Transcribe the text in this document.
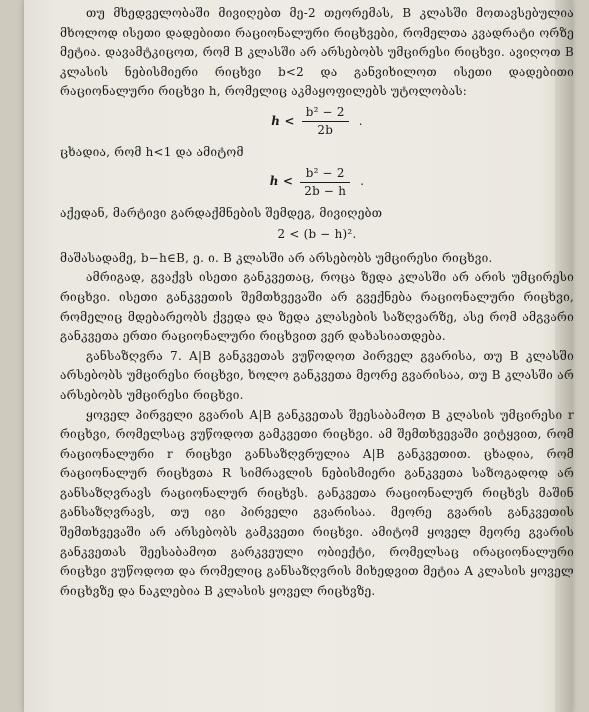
თუ მხედველობაში მივიღებთ მე-2 თეორემას, B კლასში მოთავსებულია მხოლოდ ისეთი დადებითი რაციონალური რიცხვები, რომელთა კვადრატი ორზე მეტია. დავამტკიცოთ, რომ B კლასში არ არსებობს უმცირესი რიცხვი. ავიღოთ B კლასის ნებისმიერი რიცხვი b<2 და განვიხილოთ ისეთი დადებითი რაციონალური რიცხვი h, რომელიც აკმაყოფილებს უტოლობას:

$h < \frac{\text{b² − 2}}{2b}$ .

ცხადია, რომ h<1 და ამიტომ

$h < \frac{\text{b² − 2}}{2b - h}$ .

აქედან, მარტივი გარდაქმნების შემდეგ, მივიღებთ

2 < (b − h)².

მაშასადამე, b−h∈B, ე. ი. B კლასში არ არსებობს უმცირესი რიცხვი.

ამრიგად, გვაქვს ისეთი განკვეთაც, როცა ზედა კლასში არ არის უმცირესი რიცხვი. ისეთი განკვეთის შემთხვევაში არ გვექნება რაციონალური რიცხვი, რომელიც მდებარეობს ქვედა და ზედა კლასების საზღვარზე, ასე რომ ამგვარი განკვეთა ერთი რაციონალური რიცხვით ვერ დახასიათდება.

განსაზღვრა 7. A|B განკვეთას ვუწოდოთ პირველ გვარისა, თუ B კლასში არსებობს უმცირესი რიცხვი, ხოლო განკვეთა მეორე გვარისაა, თუ B კლასში არ არსებობს უმცირესი რიცხვი.

ყოველ პირველი გვარის A|B განკვეთას შეესაბამოთ B კლასის უმცირესი r რიცხვი, რომელსაც ვუწოდოთ გამკვეთი რიცხვი. ამ შემთხვევაში ვიტყვით, რომ რაციონალური r რიცხვი განსაზღვრულია A|B განკვეთით. ცხადია, რომ რაციონალურ რიცხვთა R სიმრავლის ნებისმიერი განკვეთა საზოგადოდ არ განსაზღვრავს რაციონალურ რიცხვს. განკვეთა რაციონალურ რიცხვს მაშინ განსაზღვრავს, თუ იგი პირველი გვარისაა. მეორე გვარის განკვეთის შემთხვევაში არ არსებობს გამკვეთი რიცხვი. ამიტომ ყოველ მეორე გვარის განკვეთას შეესაბამოთ გარკვეული ობიექტი, რომელსაც ირაციონალური რიცხვი ვუწოდოთ და რომელიც განსაზღვრის მიხედვით მეტია A კლასის ყოველ რიცხვზე და ნაკლებია B კლასის ყოველ რიცხვზე.
